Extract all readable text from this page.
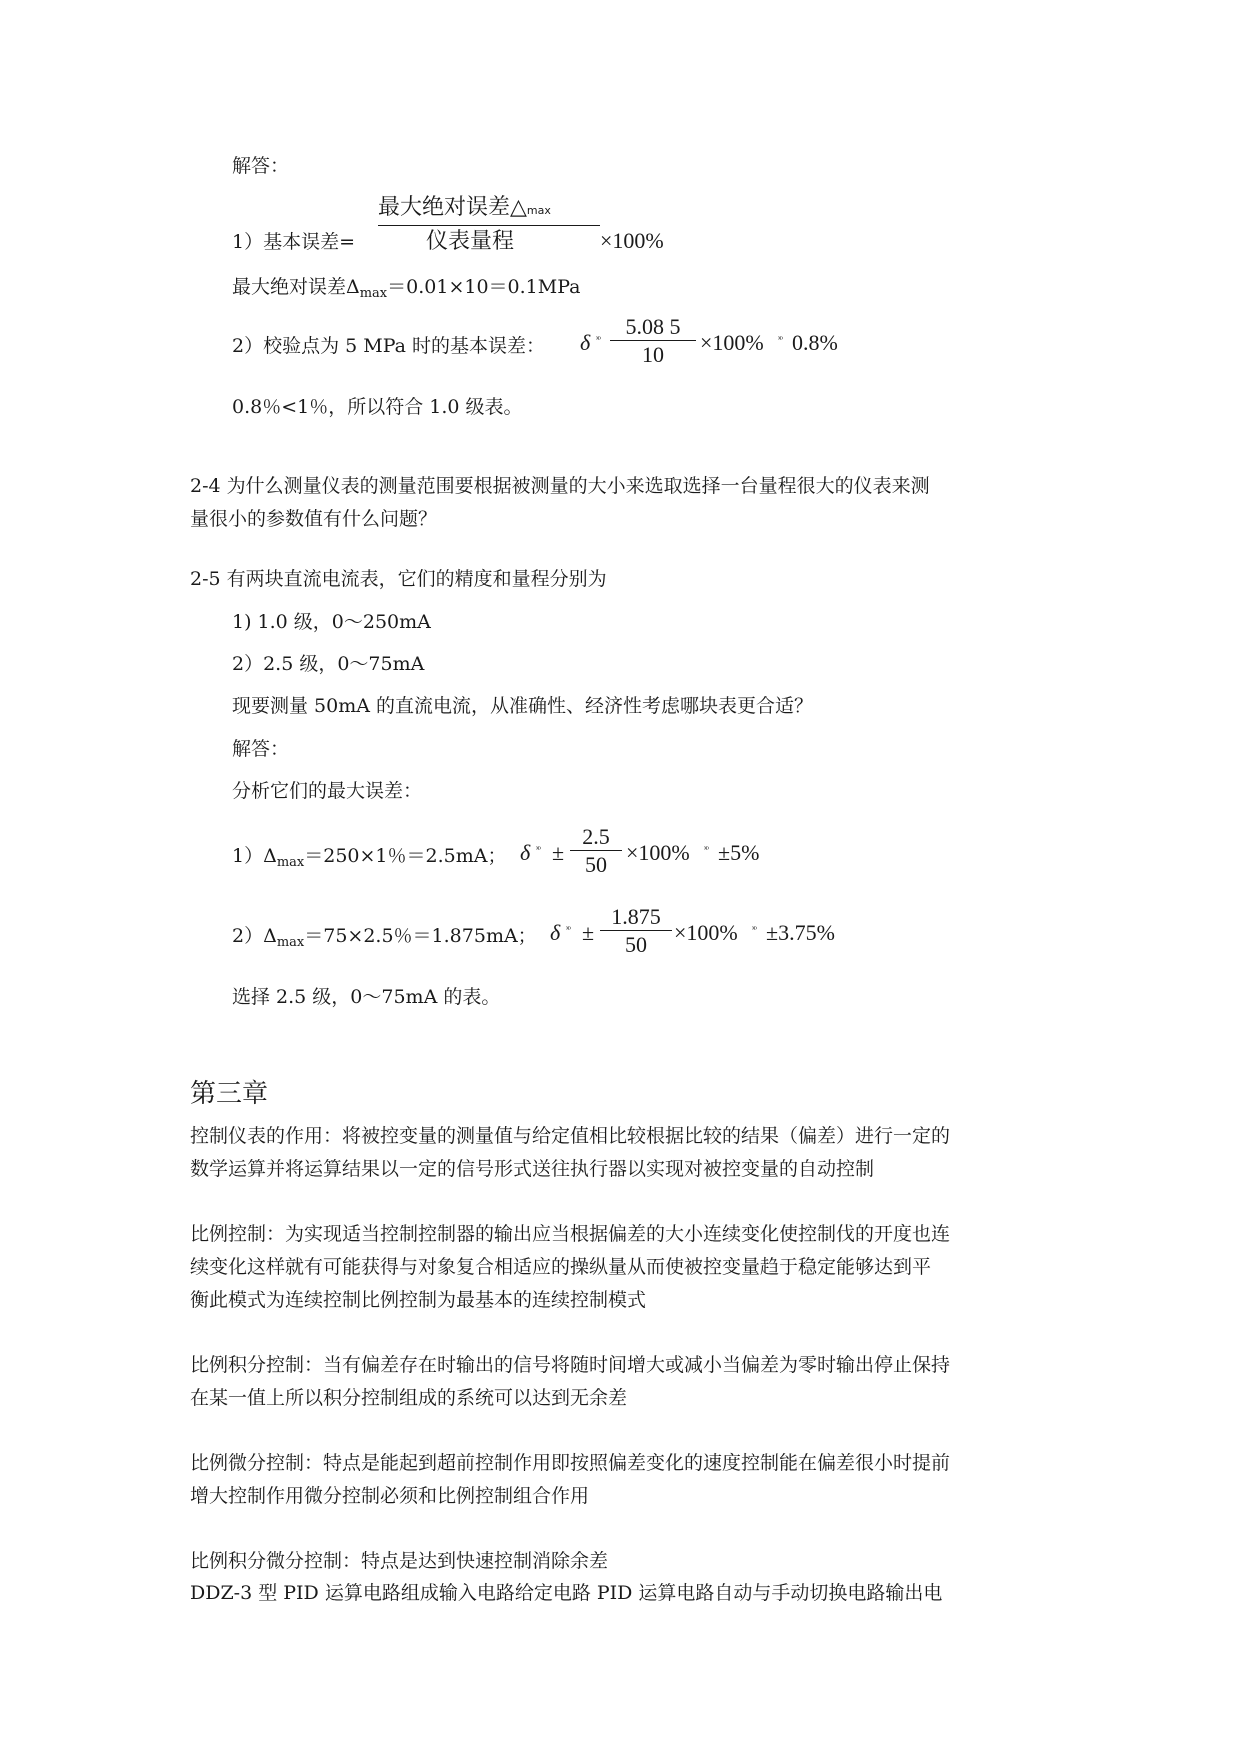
解答：
最大绝对误差△max
仪表量程
1）基本误差=	×100%
最大绝对误差$\Delta_{max}=0.01\times 10=0.1MPa$
2）校验点为 5 MPa 时的基本误差： δ $^{ˣᵒ} \frac{5.08 5}{10} \times 100\%$ $^{ˣᵒ}$ 0.8%
0.8％<1％，所以符合 1.0 级表。
2-4 为什么测量仪表的测量范围要根据被测量的大小来选取选择一台量程很大的仪表来测
量很小的参数值有什么问题？
2-5 有两块直流电流表，它们的精度和量程分别为
1) 1.0 级，0～250mA
2）2.5 级，0～75mA
现要测量 50mA 的直流电流，从准确性、经济性考虑哪块表更合适？
解答：
分析它们的最大误差：
$1)\Delta_{max}=250\times 1$％＝2.5mA； δ $^{ˣᵒ} \pm \frac{2.5}{50} \times 100\%$ $^{ˣᵒ}$ ±5%
$2)\Delta_{max}=75\times 2.5$％＝1.875mA； δ $^{ˣᵒ} \pm \frac{1.875}{50} \times 100\%$ $^{ˣᵒ}$ ±3.75%
选择 2.5 级，0～75mA 的表。
第三章
控制仪表的作用：将被控变量的测量值与给定值相比较根据比较的结果（偏差）进行一定的
数学运算并将运算结果以一定的信号形式送往执行器以实现对被控变量的自动控制
比例控制：为实现适当控制控制器的输出应当根据偏差的大小连续变化使控制伐的开度也连
续变化这样就有可能获得与对象复合相适应的操纵量从而使被控变量趋于稳定能够达到平
衡此模式为连续控制比例控制为最基本的连续控制模式
比例积分控制：当有偏差存在时输出的信号将随时间增大或减小当偏差为零时输出停止保持
在某一值上所以积分控制组成的系统可以达到无余差
比例微分控制：特点是能起到超前控制作用即按照偏差变化的速度控制能在偏差很小时提前
增大控制作用微分控制必须和比例控制组合作用
比例积分微分控制：特点是达到快速控制消除余差
DDZ-3 型 PID 运算电路组成输入电路给定电路 PID 运算电路自动与手动切换电路输出电
